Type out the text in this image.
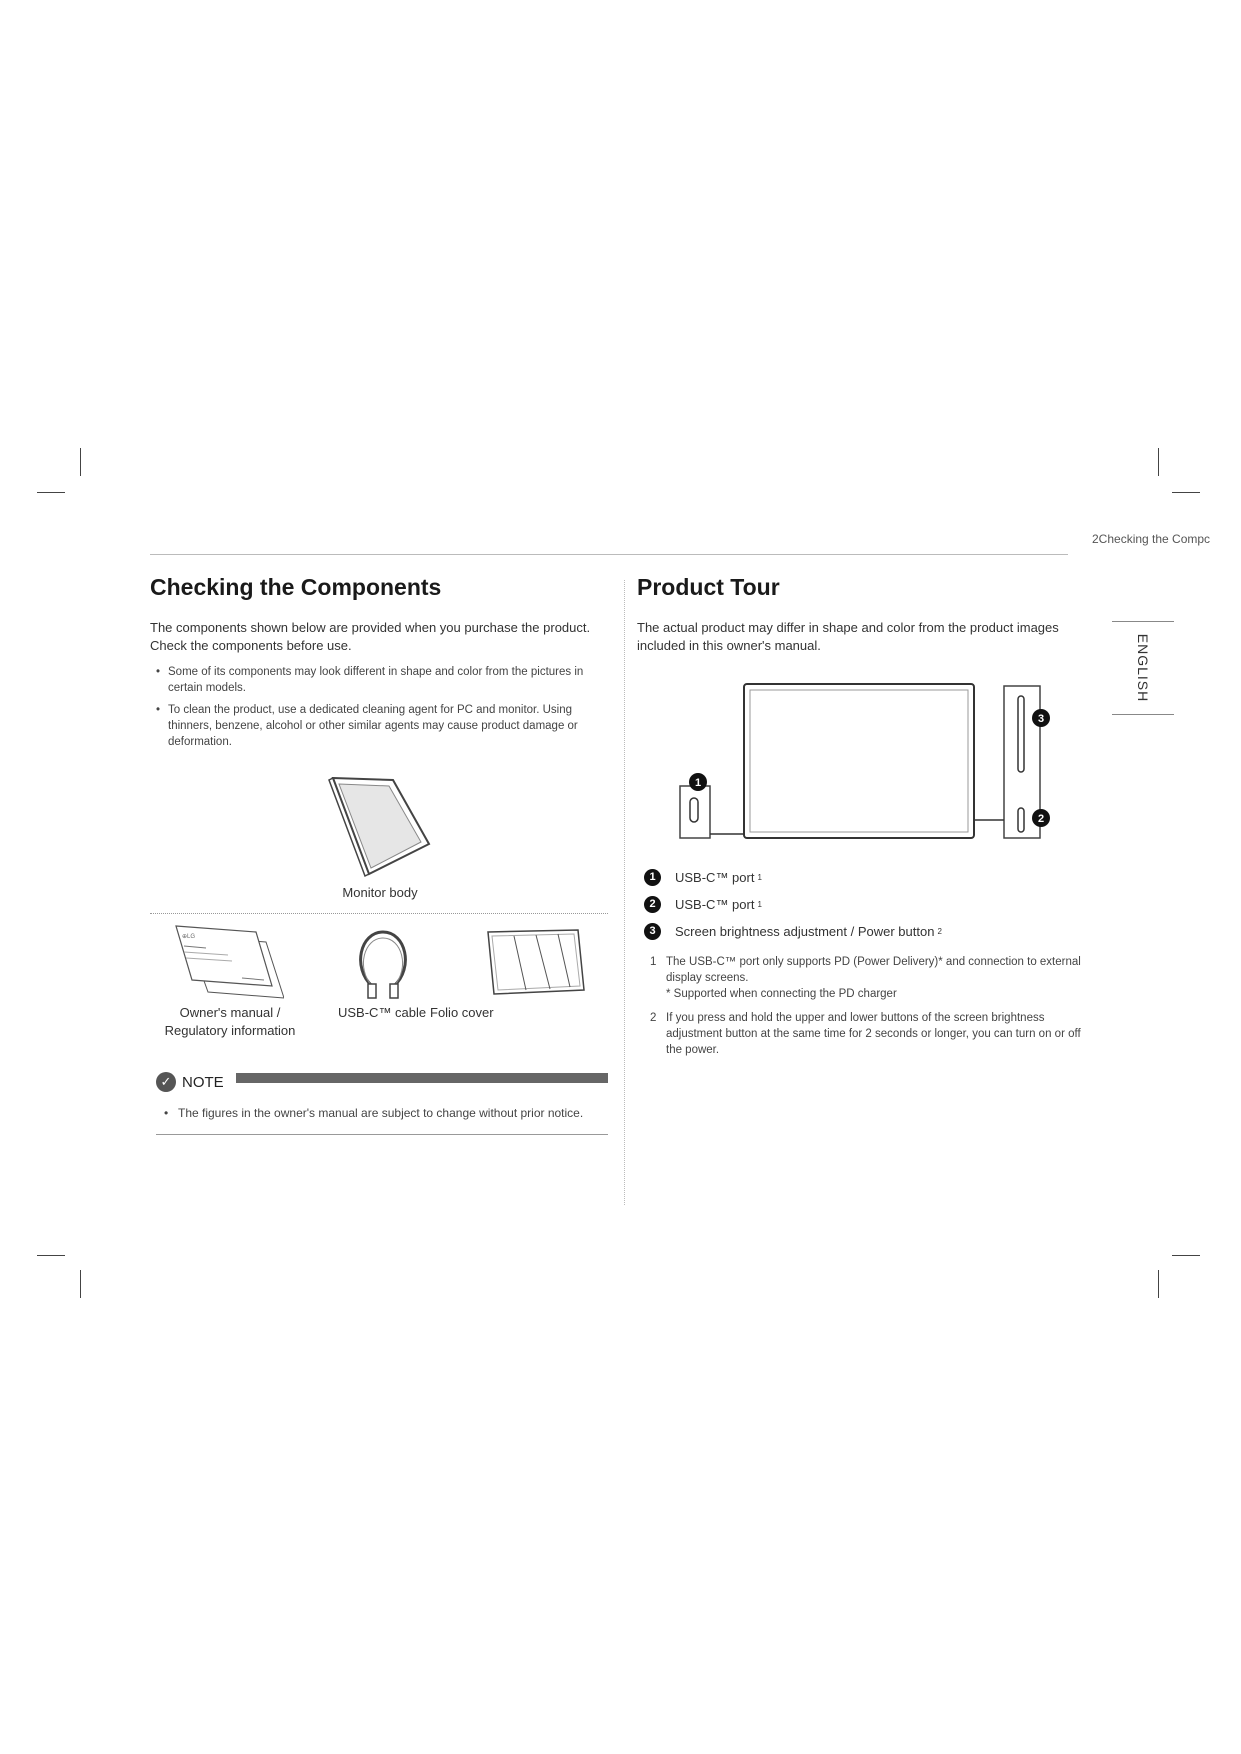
2Checking the Compc
ENGLISH
Checking the Components

The components shown below are provided when you purchase the product. Check the components before use.

• Some of its components may look different in shape and color from the pictures in certain models.
• To clean the product, use a dedicated cleaning agent for PC and monitor. Using thinners, benzene, alcohol or other similar agents may cause product damage or deformation.
Monitor body
⊕LG
Owner's manual / Regulatory information
USB-C™ cable Folio cover
✓ NOTE
• The figures in the owner's manual are subject to change without prior notice.
Product Tour

The actual product may differ in shape and color from the product images included in this owner's manual.

1
2
3
1	USB-C™ port 1
2	USB-C™ port 1
3	Screen brightness adjustment / Power button 2
1 The USB-C™ port only supports PD (Power Delivery)* and connection to external display screens.
* Supported when connecting the PD charger
2 If you press and hold the upper and lower buttons of the screen brightness adjustment button at the same time for 2 seconds or longer, you can turn on or off the power.
